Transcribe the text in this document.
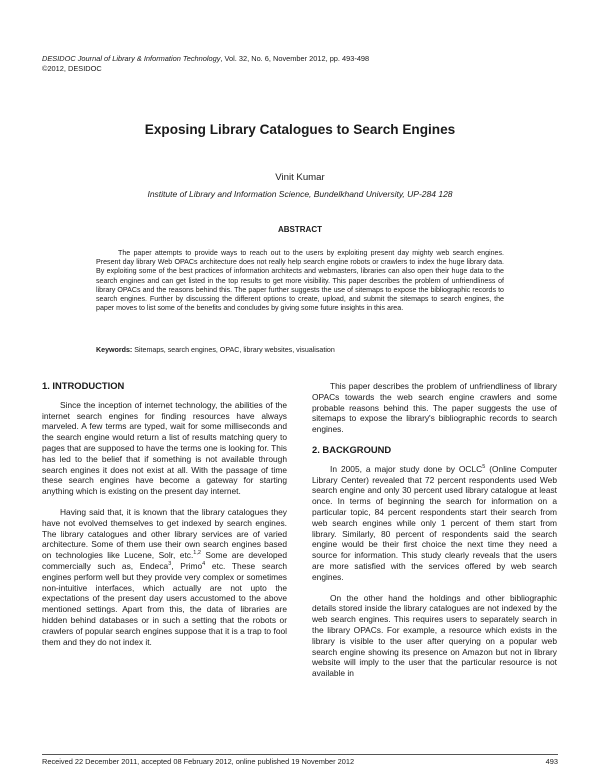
DESIDOC Journal of Library & Information Technology, Vol. 32, No. 6, November 2012, pp. 493-498
©2012, DESIDOC
Exposing Library Catalogues to Search Engines
Vinit Kumar
Institute of Library and Information Science, Bundelkhand University, UP-284 128
ABSTRACT

The paper attempts to provide ways to reach out to the users by exploiting present day mighty web search engines. Present day library Web OPACs architecture does not really help search engine robots or crawlers to index the huge library data. By exploiting some of the best practices of information architects and webmasters, libraries can also open their huge data to the search engines and can get listed in the top results to get more visibility. This paper describes the problem of unfriendliness of library OPACs and the reasons behind this. The paper further suggests the use of sitemaps to expose the bibliographic records to search engines. Further by discussing the different options to create, upload, and submit the sitemaps to search engines, the paper moves to list some of the benefits and concludes by giving some future insights in this area.

Keywords: Sitemaps, search engines, OPAC, library websites, visualisation
1. INTRODUCTION

Since the inception of internet technology, the abilities of the internet search engines for finding resources have always marveled. A few terms are typed, wait for some milliseconds and the search engine would return a list of results matching query to pages that are supposed to have the terms one is looking for. This has led to the belief that if something is not available through search engines it does not exist at all. With the passage of time these search engines have become a gateway for starting anything which is existing on the present day internet.

Having said that, it is known that the library catalogues they have not evolved themselves to get indexed by search engines. The library catalogues and other library services are of varied architecture. Some of them use their own search engines based on technologies like Lucene, Solr, etc.$^{1,2}$ Some are developed commercially such as, Endeca$^3$, Primo$^4$ etc. These search engines perform well but they provide very complex or sometimes non-intuitive interfaces, which actually are not upto the expectations of the present day users accustomed to the above mentioned settings. Apart from this, the data of libraries are hidden behind databases or in such a setting that the robots or crawlers of popular search engines suppose that it is a trap to fool them and they do not index it.

This paper describes the problem of unfriendliness of library OPACs towards the web search engine crawlers and some probable reasons behind this. The paper suggests the use of sitemaps to expose the library's bibliographic records to search engines.

2. BACKGROUND

In 2005, a major study done by OCLC$^5$ (Online Computer Library Center) revealed that 72 percent respondents used Web search engine and only 30 percent used library catalogue at least once. In terms of beginning the search for information on a particular topic, 84 percent respondents start their search from web search engines while only 1 percent of them start from library. Similarly, 80 percent of respondents said the search engine would be their first choice the next time they need a source for information. This study clearly reveals that the users are more satisfied with the services offered by web search engines.

On the other hand the holdings and other bibliographic details stored inside the library catalogues are not indexed by the web search engines. This requires users to separately search in the library OPACs. For example, a resource which exists in the library is visible to the user after querying on a popular web search engine showing its presence on Amazon but not in library website will imply to the user that the particular resource is not available in

Received 22 December 2011, accepted 08 February 2012, online published 19 November 2012	493
